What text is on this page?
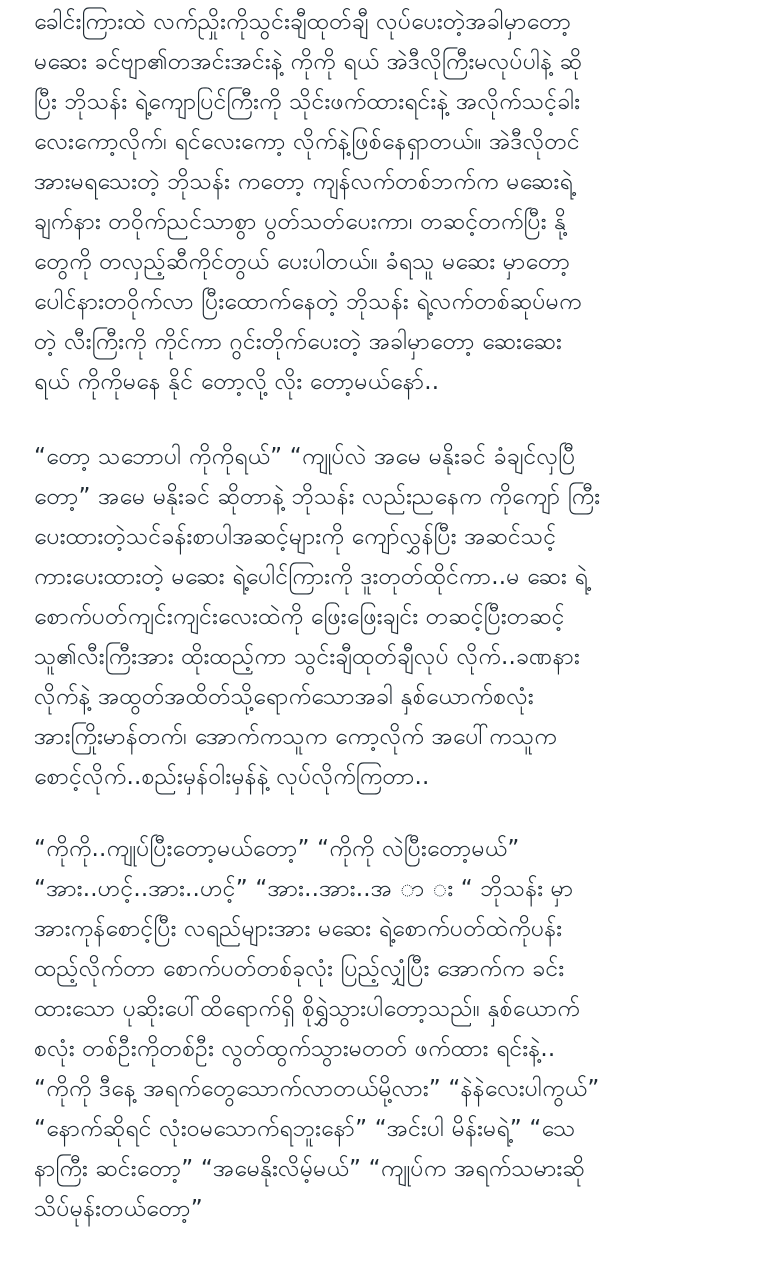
ခေါင်းကြားထဲ လက်ညှိုးကိုသွင်းချီထုတ်ချီ လုပ်ပေးတဲ့အခါမှာတော့
မဆေး ခင်ဗျာ၏တအင်းအင်းနဲ့ ကိုကို ရယ် အဲဒီလိုကြီးမလုပ်ပါနဲ့ ဆို
ပြီး ဘိုသန်း ရဲ့ကျောပြင်ကြီးကို သိုင်းဖက်ထားရင်းနဲ့ အလိုက်သင့်ခါး
လေးကော့လိုက်၊ ရင်လေးကော့ လိုက်နဲ့ဖြစ်နေရှာတယ်။ အဲဒီလိုတင်
အားမရသေးတဲ့ ဘိုသန်း ကတော့ ကျန်လက်တစ်ဘက်က မဆေးရဲ့
ချက်နား တဝိုက်ညင်သာစွာ ပွတ်သတ်ပေးကာ၊ တဆင့်တက်ပြီး နို့
တွေကို တလှည့်ဆီကိုင်တွယ် ပေးပါတယ်။ ခံရသူ မဆေး မှာတော့
ပေါင်နားတဝိုက်လာ ပြီးထောက်နေတဲ့ ဘိုသန်း ရဲ့လက်တစ်ဆုပ်မက
တဲ့ လီးကြီးကို ကိုင်ကာ ဂွင်းတိုက်ပေးတဲ့ အခါမှာတော့ ဆေးဆေး
ရယ် ကိုကိုမနေ နိုင် တော့လို့ လိုး တော့မယ်နော်..
“တော့ သဘောပါ ကိုကိုရယ်” “ကျုပ်လဲ အမေ မနိုးခင် ခံချင်လှပြီ
တော့” အမေ မနိုးခင် ဆိုတာနဲ့ ဘိုသန်း လည်းညနေက ကိုကျော် ကြီး
ပေးထားတဲ့သင်ခန်းစာပါအဆင့်များကို ကျော်လွှန်ပြီး အဆင်သင့်
ကားပေးထားတဲ့ မဆေး ရဲ့ပေါင်ကြားကို ဒူးတုတ်ထိုင်ကာ..မ ဆေး ရဲ့
စောက်ပတ်ကျင်းကျင်းလေးထဲကို ဖြေးဖြေးချင်း တဆင့်ပြီးတဆင့်
သူ၏လီးကြီးအား ထိုးထည့်ကာ သွင်းချီထုတ်ချီလုပ် လိုက်..ခဏနား
လိုက်နဲ့ အထွတ်အထိတ်သို့ရောက်သောအခါ နှစ်ယောက်စလုံး
အားကြိုးမာန်တက်၊ အောက်ကသူက ကော့လိုက် အပေါ်ကသူက
စောင့်လိုက်..စည်းမှန်ဝါးမှန်နဲ့ လုပ်လိုက်ကြတာ..
“ကိုကို..ကျုပ်ပြီးတော့မယ်တော့” “ကိုကို လဲပြီးတော့မယ်”
“အား..ဟင့်..အား..ဟင့်” “အား..အား..အ ာ း “ ဘိုသန်း မှာ
အားကုန်စောင့်ပြီး လရည်များအား မဆေး ရဲ့စောက်ပတ်ထဲကိုပန်း
ထည့်လိုက်တာ စောက်ပတ်တစ်ခုလုံး ပြည့်လျှံပြီး အောက်က ခင်း
ထားသော ပုဆိုးပေါ်ထိရောက်ရှိ စိုရွှဲသွားပါတော့သည်။ နှစ်ယောက်
စလုံး တစ်ဦးကိုတစ်ဦး လွတ်ထွက်သွားမတတ် ဖက်ထား ရင်းနဲ့..
“ကိုကို ဒီနေ့ အရက်တွေသောက်လာတယ်မို့လား” “နဲနဲလေးပါကွယ်”
“နောက်ဆိုရင် လုံးဝမသောက်ရဘူးနော်” “အင်းပါ မိန်းမရဲ့” “သေ
နာကြီး ဆင်းတော့” “အမေနိုးလိမ့်မယ်” “ကျုပ်က အရက်သမားဆို
သိပ်မုန်းတယ်တော့”
